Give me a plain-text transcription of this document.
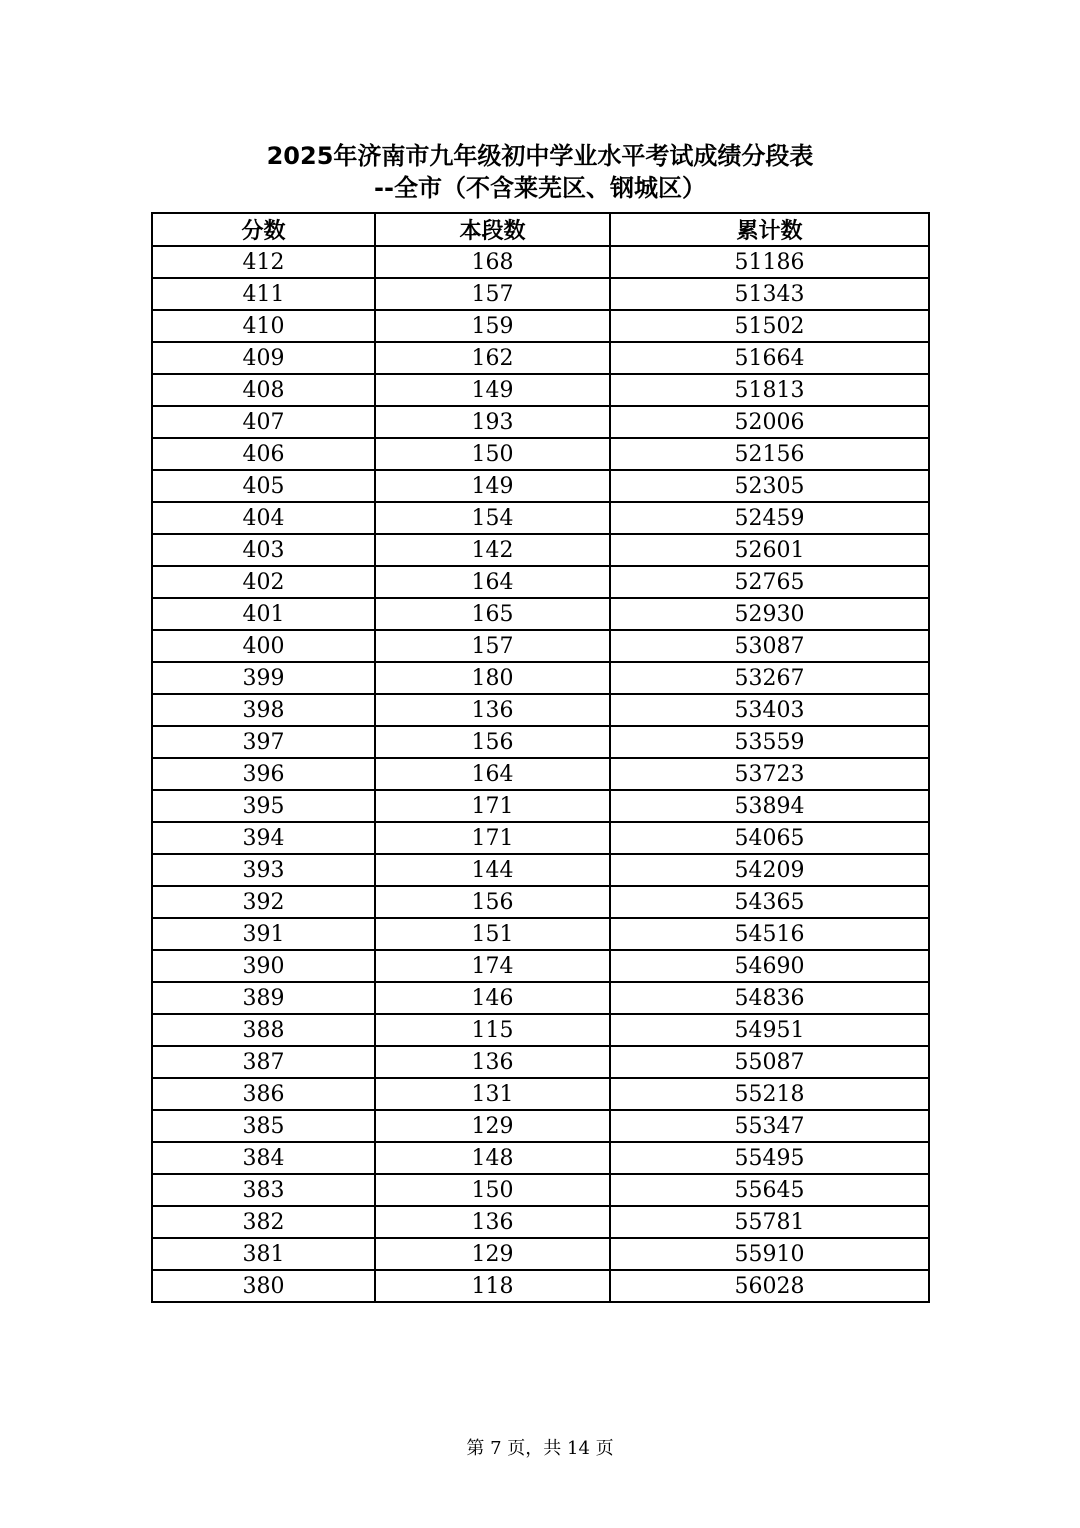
2025年济南市九年级初中学业水平考试成绩分段表
--全市（不含莱芜区、钢城区）
分数	本段数	累计数
412	168	51186
411	157	51343
410	159	51502
409	162	51664
408	149	51813
407	193	52006
406	150	52156
405	149	52305
404	154	52459
403	142	52601
402	164	52765
401	165	52930
400	157	53087
399	180	53267
398	136	53403
397	156	53559
396	164	53723
395	171	53894
394	171	54065
393	144	54209
392	156	54365
391	151	54516
390	174	54690
389	146	54836
388	115	54951
387	136	55087
386	131	55218
385	129	55347
384	148	55495
383	150	55645
382	136	55781
381	129	55910
380	118	56028
第 7 页，共 14 页
